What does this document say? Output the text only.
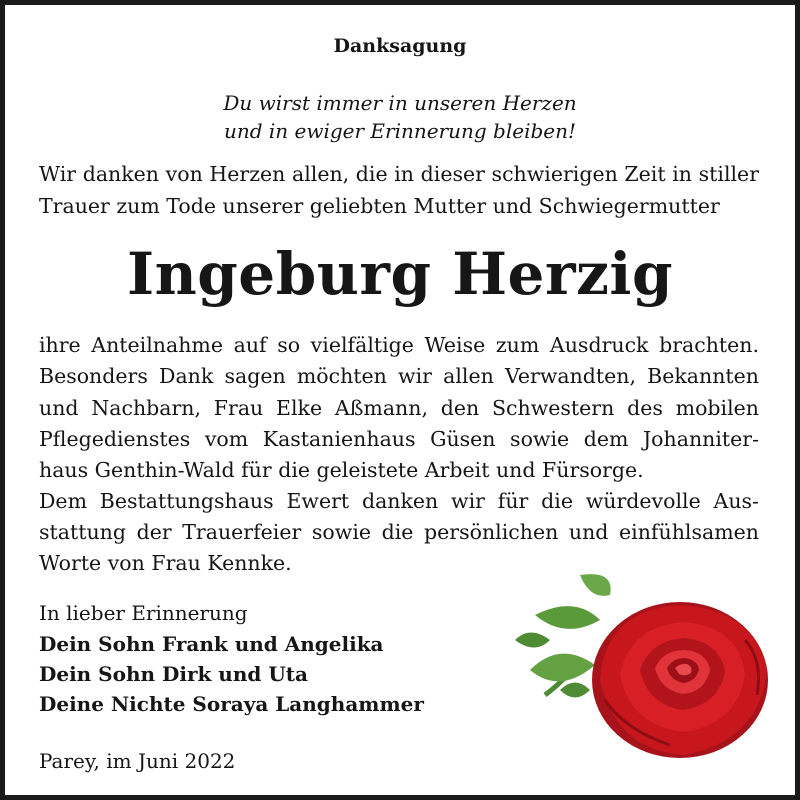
Danksagung
Du wirst immer in unseren Herzen
und in ewiger Erinnerung bleiben!
Wir danken von Herzen allen, die in dieser schwierigen Zeit in stiller
Trauer zum Tode unserer geliebten Mutter und Schwiegermutter
Ingeburg Herzig
ihre Anteilnahme auf so vielfältige Weise zum Ausdruck brachten.
Besonders Dank sagen möchten wir allen Verwandten, Bekannten
und Nachbarn, Frau Elke Aßmann, den Schwestern des mobilen
Pflegedienstes vom Kastanienhaus Güsen sowie dem Johanniter-
haus Genthin-Wald für die geleistete Arbeit und Fürsorge.
Dem Bestattungshaus Ewert danken wir für die würdevolle Aus-
stattung der Trauerfeier sowie die persönlichen und einfühlsamen
Worte von Frau Kennke.
In lieber Erinnerung
Dein Sohn Frank und Angelika
Dein Sohn Dirk und Uta
Deine Nichte Soraya Langhammer
Parey, im Juni 2022
